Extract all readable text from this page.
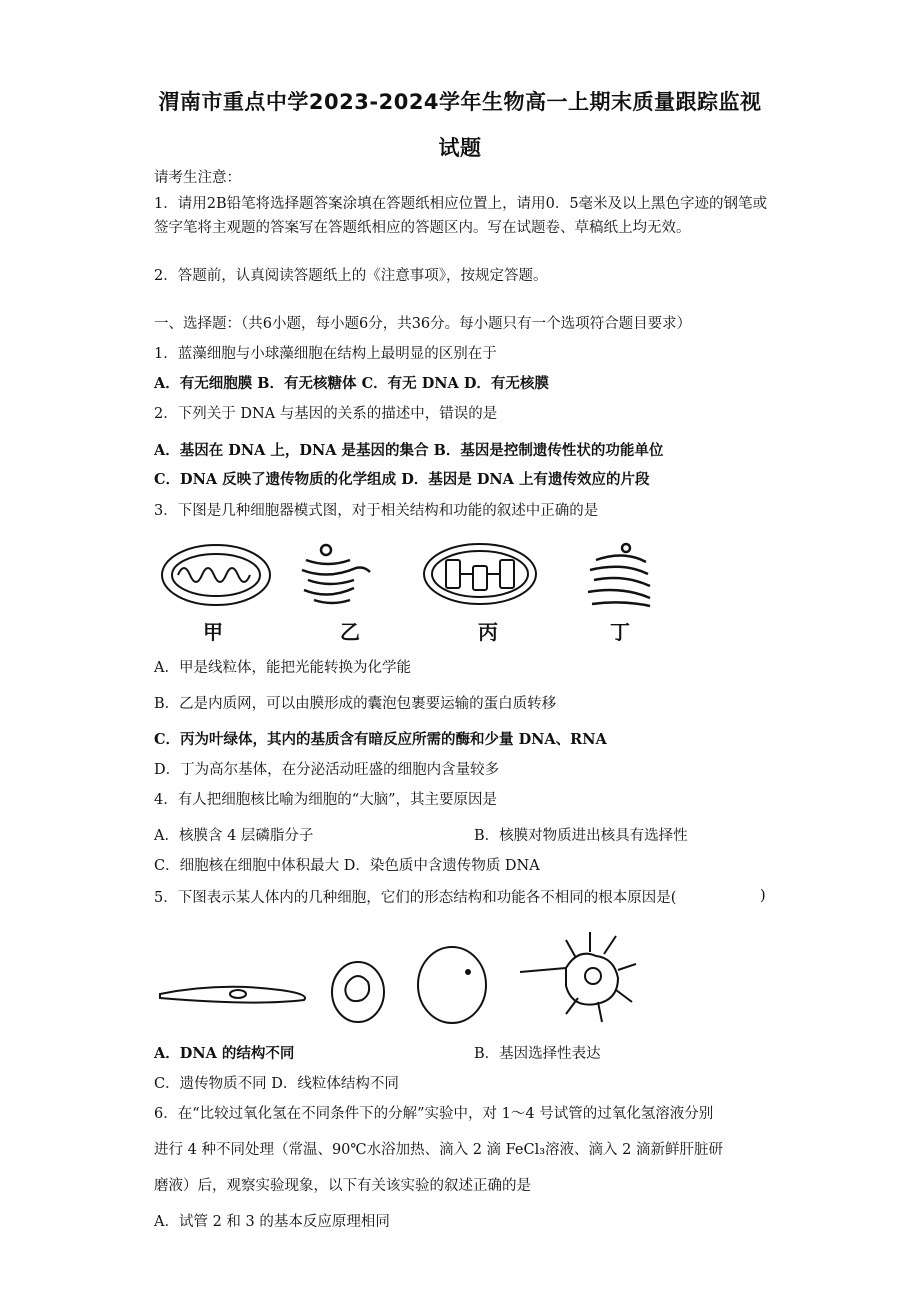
渭南市重点中学2023-2024学年生物高一上期末质量跟踪监视
试题
请考生注意：
1．请用2B铅笔将选择题答案涂填在答题纸相应位置上，请用0．5毫米及以上黑色字迹的钢笔或签字笔将主观题的答案写在答题纸相应的答题区内。写在试题卷、草稿纸上均无效。
2．答题前，认真阅读答题纸上的《注意事项》，按规定答题。
一、选择题：（共6小题，每小题6分，共36分。每小题只有一个选项符合题目要求）
1．蓝藻细胞与小球藻细胞在结构上最明显的区别在于
A．有无细胞膜 B．有无核糖体 C．有无 DNA D．有无核膜
2．下列关于 DNA 与基因的关系的描述中，错误的是
A．基因在 DNA 上，DNA 是基因的集合 B．基因是控制遗传性状的功能单位
C．DNA 反映了遗传物质的化学组成 D．基因是 DNA 上有遗传效应的片段
3．下图是几种细胞器模式图，对于相关结构和功能的叙述中正确的是
甲	乙	丙	丁
A．甲是线粒体，能把光能转换为化学能
B．乙是内质网，可以由膜形成的囊泡包裹要运输的蛋白质转移
C．丙为叶绿体，其内的基质含有暗反应所需的酶和少量 DNA、RNA
D．丁为高尔基体，在分泌活动旺盛的细胞内含量较多
4．有人把细胞核比喻为细胞的“大脑”，其主要原因是
A．核膜含 4 层磷脂分子	B．核膜对物质进出核具有选择性
C．细胞核在细胞中体积最大 D．染色质中含遗传物质 DNA
5．下图表示某人体内的几种细胞，它们的形态结构和功能各不相同的根本原因是(	)
A．DNA 的结构不同	B．基因选择性表达
C．遗传物质不同 D．线粒体结构不同
6．在“比较过氧化氢在不同条件下的分解”实验中，对 1～4 号试管的过氧化氢溶液分别
进行 4 种不同处理（常温、90℃水浴加热、滴入 2 滴 FeCl₃溶液、滴入 2 滴新鲜肝脏研
磨液）后，观察实验现象，以下有关该实验的叙述正确的是
A．试管 2 和 3 的基本反应原理相同
